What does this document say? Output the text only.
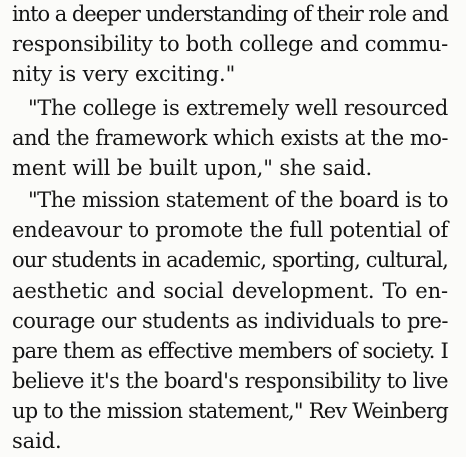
into a deeper understanding of their role and
responsibility to both college and commu-
nity is very exciting."
"The college is extremely well resourced
and the framework which exists at the mo-
ment will be built upon," she said.
"The mission statement of the board is to
endeavour to promote the full potential of
our students in academic, sporting, cultural,
aesthetic and social development. To en-
courage our students as individuals to pre-
pare them as effective members of society. I
believe it's the board's responsibility to live
up to the mission statement," Rev Weinberg
said.
